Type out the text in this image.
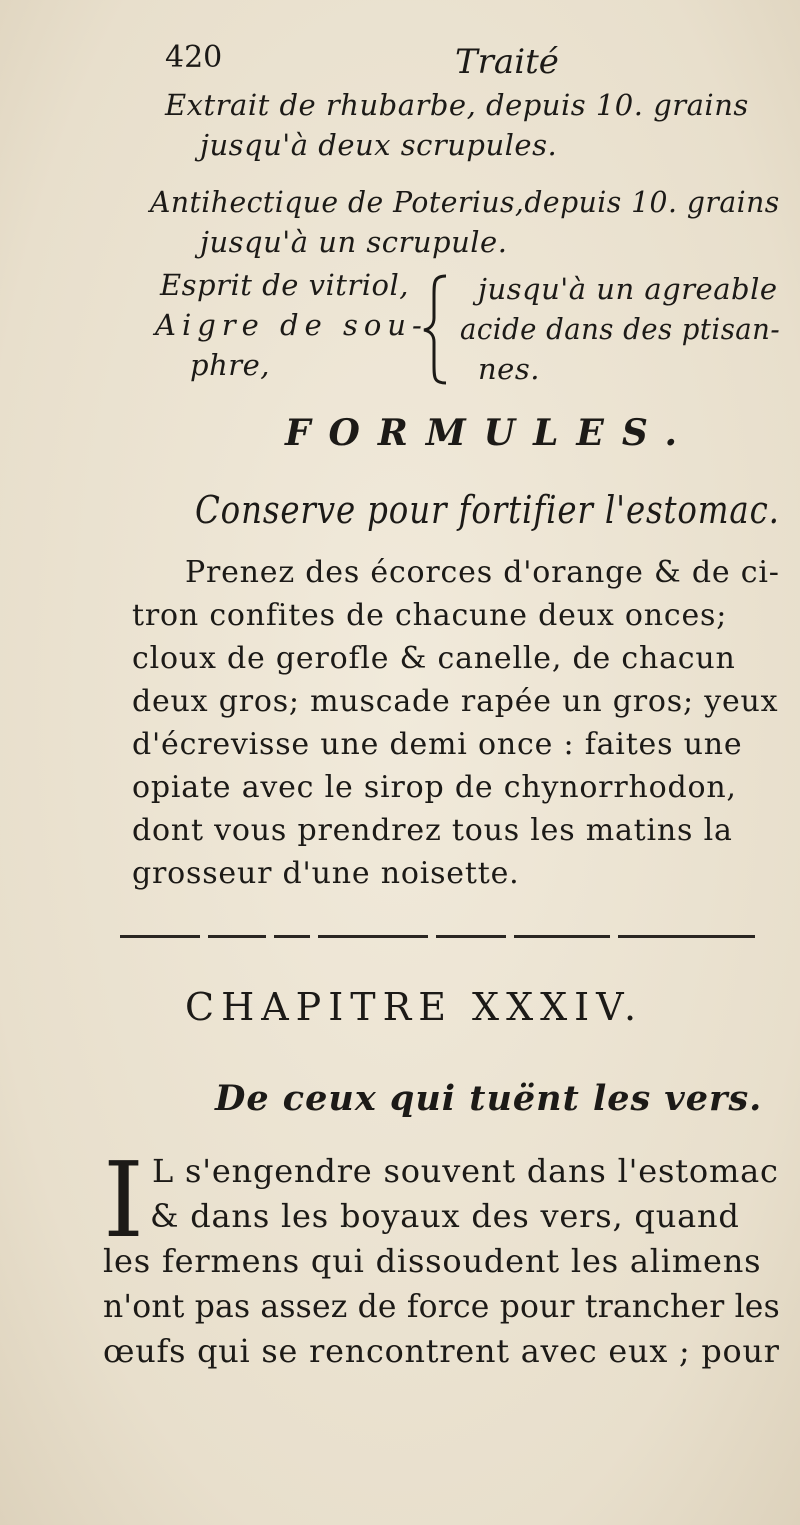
420	Traité
Extrait de rhubarbe, depuis 10. grains
jusqu'à deux scrupules.
Antihectique de Poterius,depuis 10. grains
jusqu'à un scrupule.
Esprit de vitriol,
Aigre de sou-
phre,
jusqu'à un agreable
acide dans des ptisan-
nes.
FORMULES.
Conserve pour fortifier l'estomac.
Prenez des écorces d'orange & de ci-
tron confites de chacune deux onces;
cloux de gerofle & canelle, de chacun
deux gros; muscade rapée un gros; yeux
d'écrevisse une demi once : faites une
opiate avec le sirop de chynorrhodon,
dont vous prendrez tous les matins la
grosseur d'une noisette.
CHAPITRE XXXIV.
De ceux qui tuënt les vers.
I L s'engendre souvent dans l'estomac
& dans les boyaux des vers, quand
les fermens qui dissoudent les alimens
n'ont pas assez de force pour trancher les
œufs qui se rencontrent avec eux ; pour
